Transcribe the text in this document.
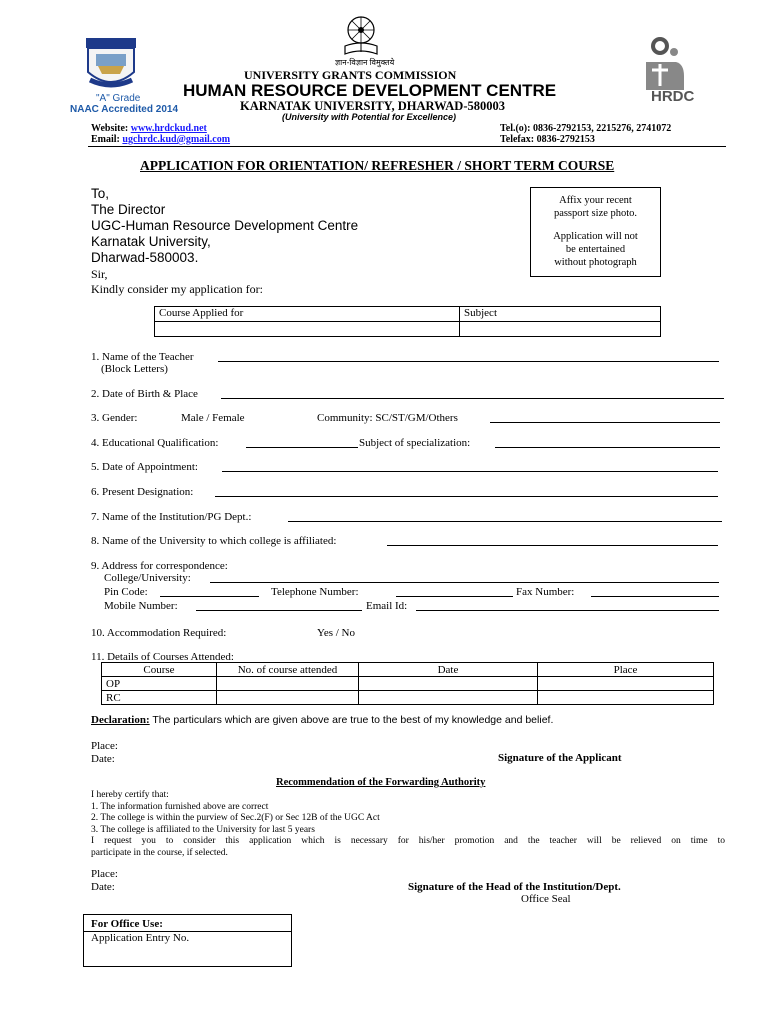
"A" Grade
NAAC Accredited 2014
ज्ञान-विज्ञान विमुक्तये
UNIVERSITY GRANTS COMMISSION
HUMAN RESOURCE DEVELOPMENT CENTRE
KARNATAK UNIVERSITY, DHARWAD-580003
(University with Potential for Excellence)
HRDC
Website: www.hrdckud.net
Email: ugchrdc.kud@gmail.com
Tel.(o): 0836-2792153, 2215276, 2741072
Telefax: 0836-2792153
APPLICATION FOR ORIENTATION/ REFRESHER / SHORT TERM COURSE
To,
The Director
UGC-Human Resource Development Centre
Karnatak University,
Dharwad-580003.
Affix your recent
passport size photo.
Application will not
be entertained
without photograph
Sir,
Kindly consider my application for:
Course Applied for	Subject

1. Name of the Teacher
(Block Letters)
2. Date of Birth & Place
3. Gender:	Male / Female	Community: SC/ST/GM/Others
4. Educational Qualification:	Subject of specialization:
5. Date of Appointment:
6. Present Designation:
7. Name of the Institution/PG Dept.:
8. Name of the University to which college is affiliated:
9. Address for correspondence:
College/University:
Pin Code:	Telephone Number:	Fax Number:
Mobile Number:	Email Id:
10. Accommodation Required:	Yes / No
11. Details of Courses Attended:
Course	No. of course attended	Date	Place
OP			
RC			
Declaration: The particulars which are given above are true to the best of my knowledge and belief.
Place:
Date:	Signature of the Applicant
Recommendation of the Forwarding Authority
I hereby certify that:
1. The information furnished above are correct
2. The college is within the purview of Sec.2(F) or Sec 12B of the UGC Act
3. The college is affiliated to the University for last 5 years
I request you to consider this application which is necessary for his/her promotion and the teacher will be relieved on time to
participate in the course, if selected.
Place:
Date:	Signature of the Head of the Institution/Dept.
Office Seal
For Office Use:
Application Entry No.
